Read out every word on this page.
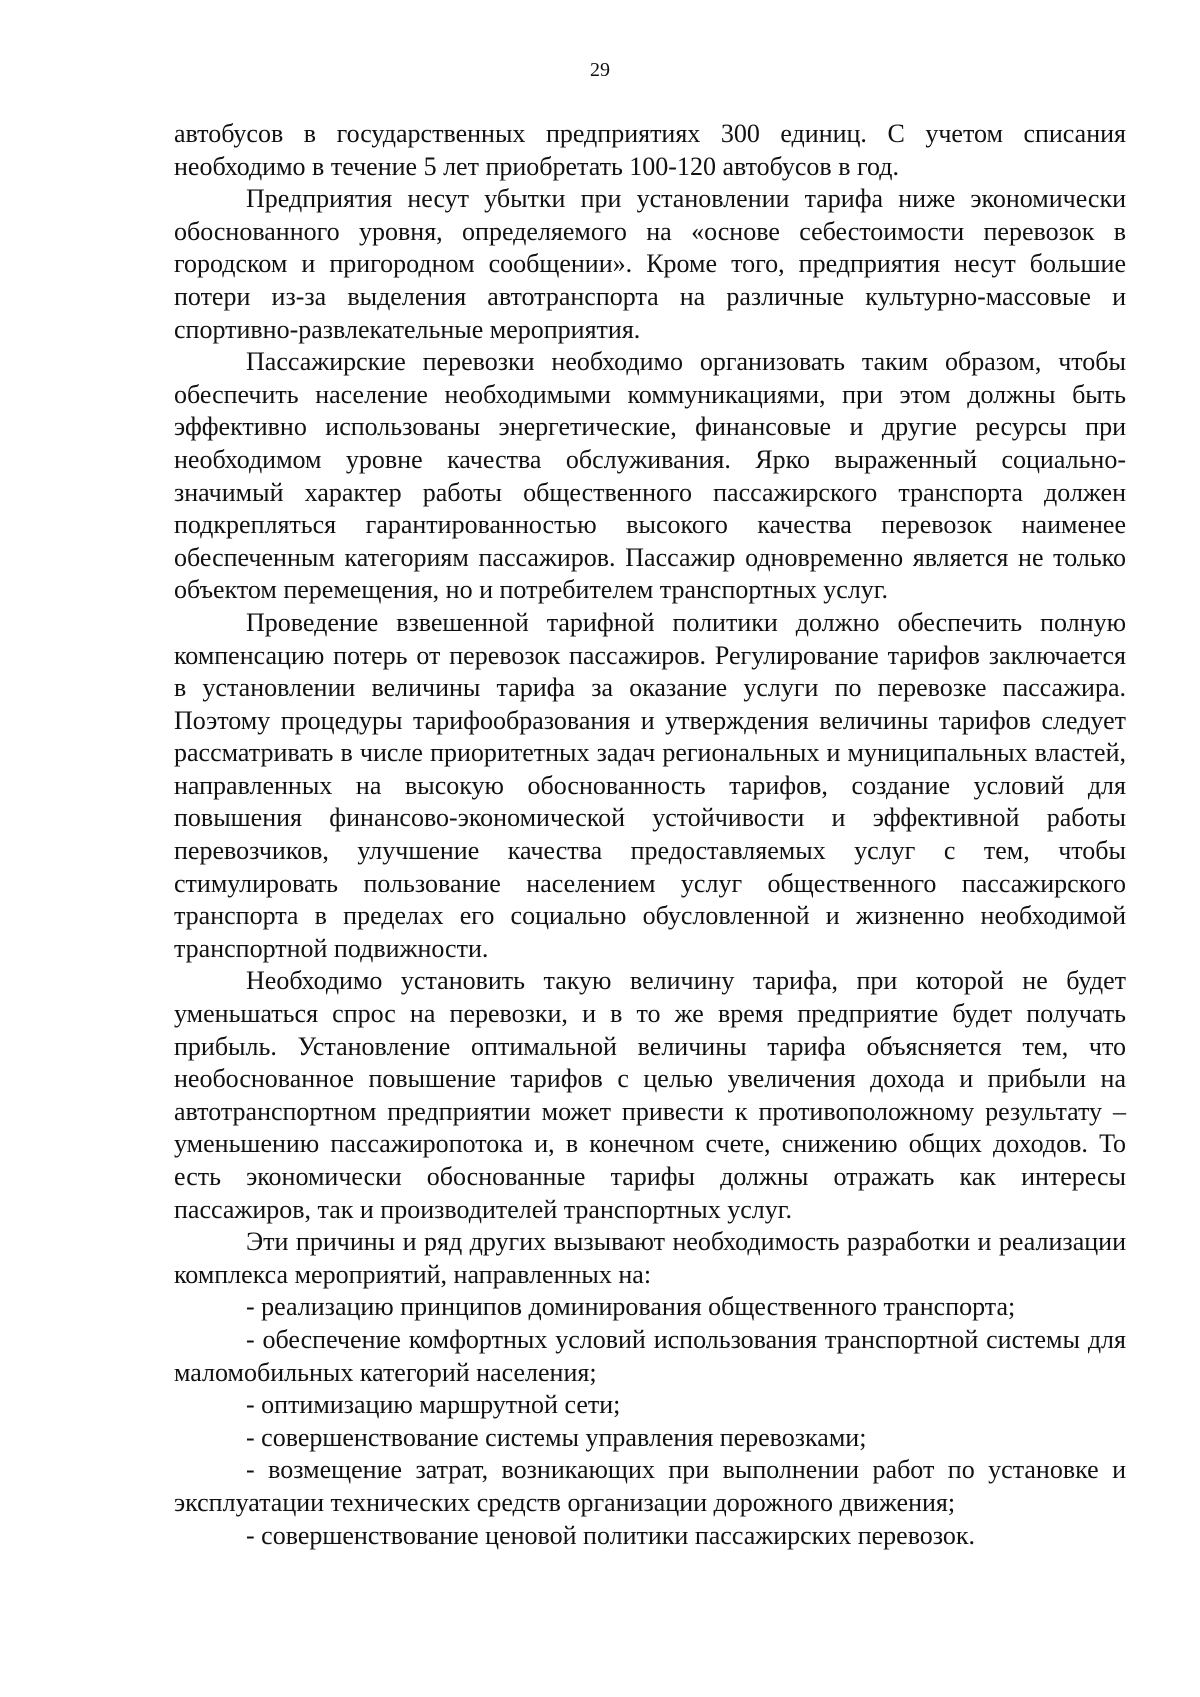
29

автобусов в государственных предприятиях 300 единиц. С учетом списания необходимо в течение 5 лет приобретать 100-120 автобусов в год.

Предприятия несут убытки при установлении тарифа ниже экономически обоснованного уровня, определяемого на «основе себестоимости перевозок в городском и пригородном сообщении». Кроме того, предприятия несут большие потери из-за выделения автотранспорта на различные культурно-массовые и спортивно-развлекательные мероприятия.

Пассажирские перевозки необходимо организовать таким образом, чтобы обеспечить население необходимыми коммуникациями, при этом должны быть эффективно использованы энергетические, финансовые и другие ресурсы при необходимом уровне качества обслуживания. Ярко выраженный социально-значимый характер работы общественного пассажирского транспорта должен подкрепляться гарантированностью высокого качества перевозок наименее обеспеченным категориям пассажиров. Пассажир одновременно является не только объектом перемещения, но и потребителем транспортных услуг.

Проведение взвешенной тарифной политики должно обеспечить полную компенсацию потерь от перевозок пассажиров. Регулирование тарифов заключается в установлении величины тарифа за оказание услуги по перевозке пассажира. Поэтому процедуры тарифообразования и утверждения величины тарифов следует рассматривать в числе приоритетных задач региональных и муниципальных властей, направленных на высокую обоснованность тарифов, создание условий для повышения финансово-экономической устойчивости и эффективной работы перевозчиков, улучшение качества предоставляемых услуг с тем, чтобы стимулировать пользование населением услуг общественного пассажирского транспорта в пределах его социально обусловленной и жизненно необходимой транспортной подвижности.

Необходимо установить такую величину тарифа, при которой не будет уменьшаться спрос на перевозки, и в то же время предприятие будет получать прибыль. Установление оптимальной величины тарифа объясняется тем, что необоснованное повышение тарифов с целью увеличения дохода и прибыли на автотранспортном предприятии может привести к противоположному результату – уменьшению пассажиропотока и, в конечном счете, снижению общих доходов. То есть экономически обоснованные тарифы должны отражать как интересы пассажиров, так и производителей транспортных услуг.

Эти причины и ряд других вызывают необходимость разработки и реализации комплекса мероприятий, направленных на:

- реализацию принципов доминирования общественного транспорта;

- обеспечение комфортных условий использования транспортной системы для маломобильных категорий населения;

- оптимизацию маршрутной сети;

- совершенствование системы управления перевозками;

- возмещение затрат, возникающих при выполнении работ по установке и эксплуатации технических средств организации дорожного движения;

- совершенствование ценовой политики пассажирских перевозок.
